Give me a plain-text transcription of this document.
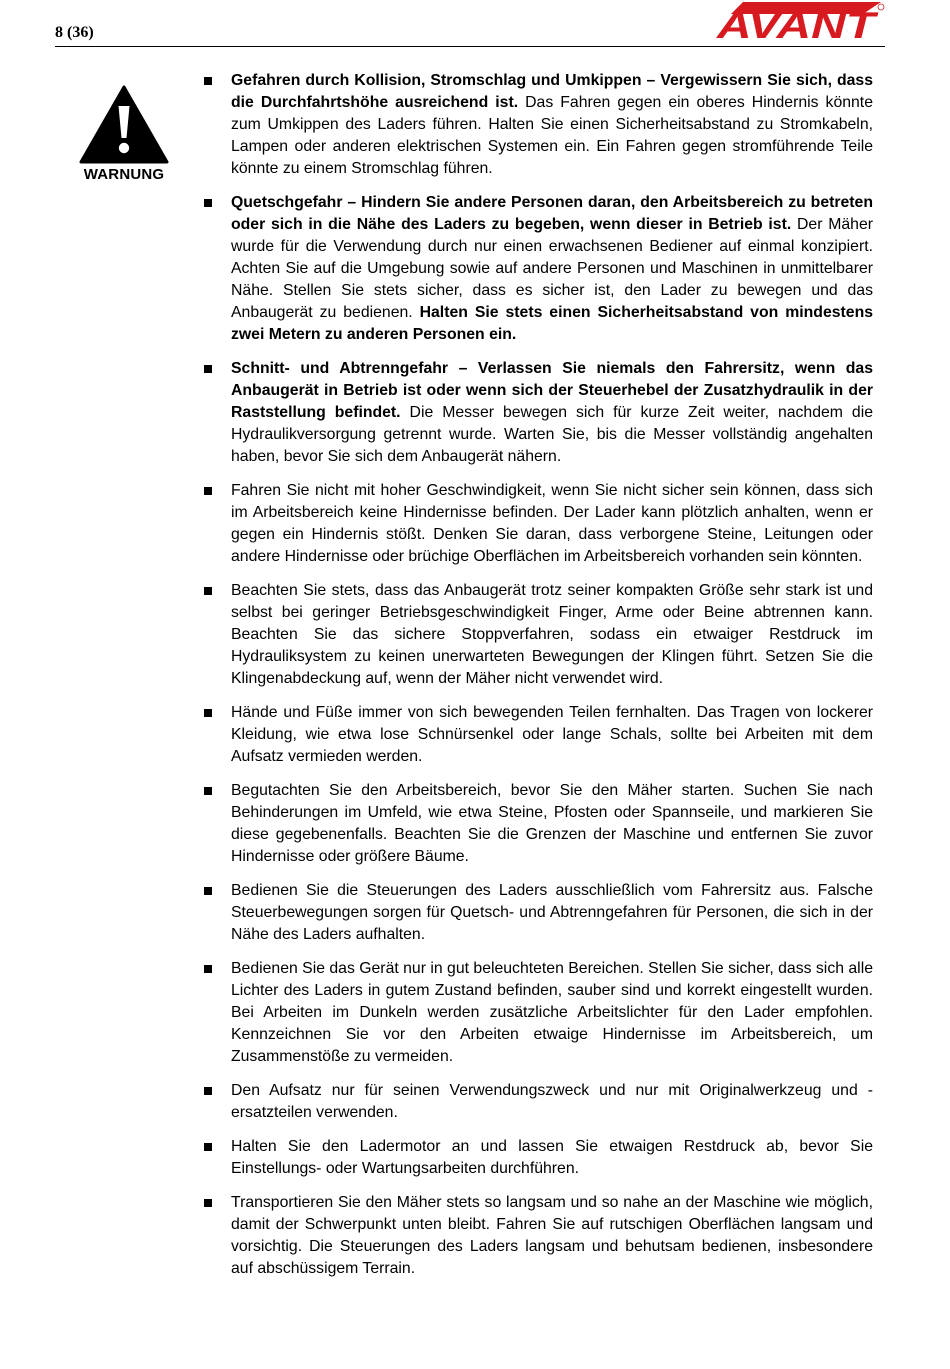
8 (36)	AVANT
WARNUNG
Gefahren durch Kollision, Stromschlag und Umkippen – Vergewissern Sie sich, dass die Durchfahrtshöhe ausreichend ist. Das Fahren gegen ein oberes Hindernis könnte zum Umkippen des Laders führen. Halten Sie einen Sicherheitsabstand zu Stromkabeln, Lampen oder anderen elektrischen Systemen ein. Ein Fahren gegen stromführende Teile könnte zu einem Stromschlag führen.
Quetschgefahr – Hindern Sie andere Personen daran, den Arbeitsbereich zu betreten oder sich in die Nähe des Laders zu begeben, wenn dieser in Betrieb ist. Der Mäher wurde für die Verwendung durch nur einen erwachsenen Bediener auf einmal konzipiert. Achten Sie auf die Umgebung sowie auf andere Personen und Maschinen in unmittelbarer Nähe. Stellen Sie stets sicher, dass es sicher ist, den Lader zu bewegen und das Anbaugerät zu bedienen. Halten Sie stets einen Sicherheitsabstand von mindestens zwei Metern zu anderen Personen ein.
Schnitt- und Abtrenngefahr – Verlassen Sie niemals den Fahrersitz, wenn das Anbaugerät in Betrieb ist oder wenn sich der Steuerhebel der Zusatzhydraulik in der Raststellung befindet. Die Messer bewegen sich für kurze Zeit weiter, nachdem die Hydraulikversorgung getrennt wurde. Warten Sie, bis die Messer vollständig angehalten haben, bevor Sie sich dem Anbaugerät nähern.
Fahren Sie nicht mit hoher Geschwindigkeit, wenn Sie nicht sicher sein können, dass sich im Arbeitsbereich keine Hindernisse befinden. Der Lader kann plötzlich anhalten, wenn er gegen ein Hindernis stößt. Denken Sie daran, dass verborgene Steine, Leitungen oder andere Hindernisse oder brüchige Oberflächen im Arbeitsbereich vorhanden sein könnten.
Beachten Sie stets, dass das Anbaugerät trotz seiner kompakten Größe sehr stark ist und selbst bei geringer Betriebsgeschwindigkeit Finger, Arme oder Beine abtrennen kann. Beachten Sie das sichere Stoppverfahren, sodass ein etwaiger Restdruck im Hydrauliksystem zu keinen unerwarteten Bewegungen der Klingen führt. Setzen Sie die Klingenabdeckung auf, wenn der Mäher nicht verwendet wird.
Hände und Füße immer von sich bewegenden Teilen fernhalten. Das Tragen von lockerer Kleidung, wie etwa lose Schnürsenkel oder lange Schals, sollte bei Arbeiten mit dem Aufsatz vermieden werden.
Begutachten Sie den Arbeitsbereich, bevor Sie den Mäher starten. Suchen Sie nach Behinderungen im Umfeld, wie etwa Steine, Pfosten oder Spannseile, und markieren Sie diese gegebenenfalls. Beachten Sie die Grenzen der Maschine und entfernen Sie zuvor Hindernisse oder größere Bäume.
Bedienen Sie die Steuerungen des Laders ausschließlich vom Fahrersitz aus. Falsche Steuerbewegungen sorgen für Quetsch- und Abtrenngefahren für Personen, die sich in der Nähe des Laders aufhalten.
Bedienen Sie das Gerät nur in gut beleuchteten Bereichen. Stellen Sie sicher, dass sich alle Lichter des Laders in gutem Zustand befinden, sauber sind und korrekt eingestellt wurden. Bei Arbeiten im Dunkeln werden zusätzliche Arbeitslichter für den Lader empfohlen. Kennzeichnen Sie vor den Arbeiten etwaige Hindernisse im Arbeitsbereich, um Zusammenstöße zu vermeiden.
Den Aufsatz nur für seinen Verwendungszweck und nur mit Originalwerkzeug und -ersatzteilen verwenden.
Halten Sie den Ladermotor an und lassen Sie etwaigen Restdruck ab, bevor Sie Einstellungs- oder Wartungsarbeiten durchführen.
Transportieren Sie den Mäher stets so langsam und so nahe an der Maschine wie möglich, damit der Schwerpunkt unten bleibt. Fahren Sie auf rutschigen Oberflächen langsam und vorsichtig. Die Steuerungen des Laders langsam und behutsam bedienen, insbesondere auf abschüssigem Terrain.
